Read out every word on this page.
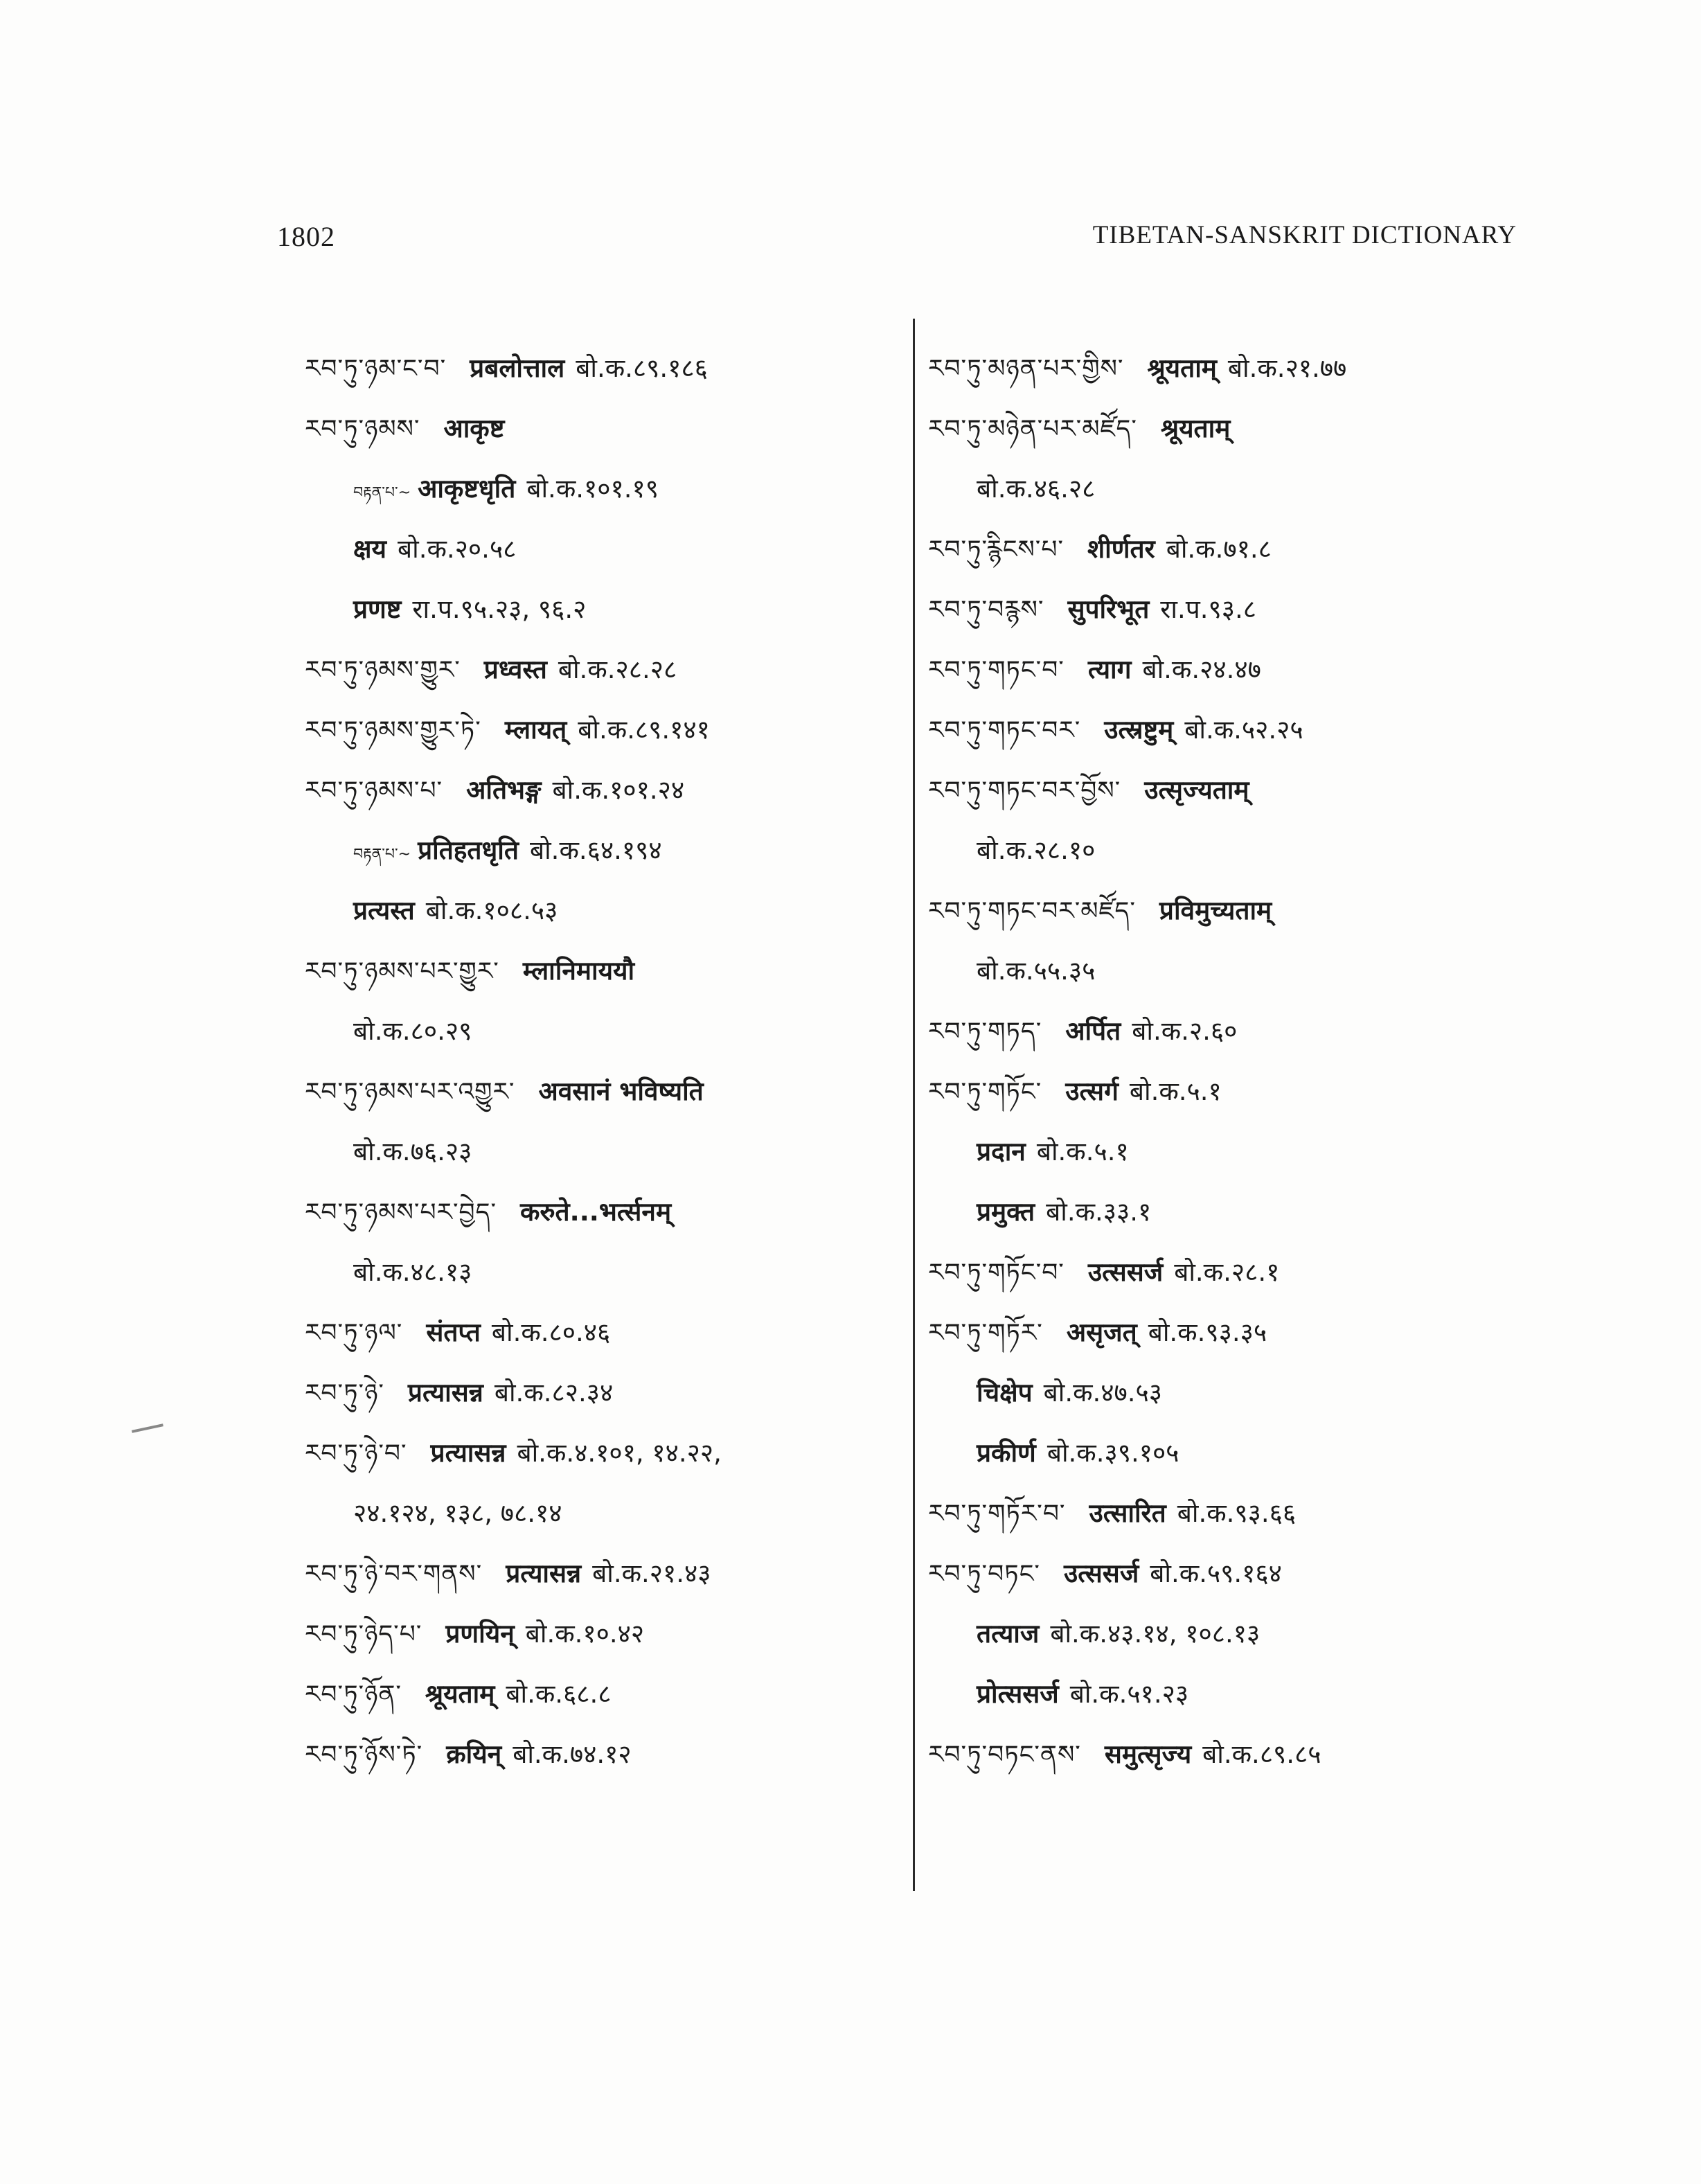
1802	TIBETAN-SANSKRIT DICTIONARY
རབ་ཏུ་ཉམ་ང་བ་ प्रबलोत्ताल बो.क.८९.१८६
རབ་ཏུ་ཉམས་ आकृष्ट
བརྟན་པ་~ आकृष्टधृति बो.क.१०१.१९
क्षय बो.क.२०.५८
प्रणष्ट रा.प.९५.२३, ९६.२
རབ་ཏུ་ཉམས་གྱུར་ प्रध्वस्त बो.क.२८.२८
རབ་ཏུ་ཉམས་གྱུར་ཏེ་ म्लायत् बो.क.८९.१४१
རབ་ཏུ་ཉམས་པ་ अतिभङ्ग बो.क.१०१.२४
བརྟན་པ་~ प्रतिहतधृति बो.क.६४.१९४
प्रत्यस्त बो.क.१०८.५३
རབ་ཏུ་ཉམས་པར་གྱུར་ म्लानिमाययौ
बो.क.८०.२९
རབ་ཏུ་ཉམས་པར་འགྱུར་ अवसानं भविष्यति
बो.क.७६.२३
རབ་ཏུ་ཉམས་པར་བྱེད་ करुते...भर्त्सनम्
बो.क.४८.१३
རབ་ཏུ་ཉལ་ संतप्त बो.क.८०.४६
རབ་ཏུ་ཉེ་ प्रत्यासन्न बो.क.८२.३४
རབ་ཏུ་ཉེ་བ་ प्रत्यासन्न बो.क.४.१०१, १४.२२,
२४.१२४, १३८, ७८.१४
རབ་ཏུ་ཉེ་བར་གནས་ प्रत्यासन्न बो.क.२१.४३
རབ་ཏུ་ཉེད་པ་ प्रणयिन् बो.क.१०.४२
རབ་ཏུ་ཉོན་ श्रूयताम् बो.क.६८.८
རབ་ཏུ་ཉོས་ཏེ་ क्रयिन् बो.क.७४.१२
རབ་ཏུ་མཉན་པར་གྱིས་ श्रूयताम् बो.क.२१.७७
རབ་ཏུ་མཉེན་པར་མཛོད་ श्रूयताम्
बो.क.४६.२८
རབ་ཏུ་རྙིངས་པ་ शीर्णतर बो.क.७१.८
རབ་ཏུ་བརྙས་ सुपरिभूत रा.प.९३.८
རབ་ཏུ་གཏང་བ་ त्याग बो.क.२४.४७
རབ་ཏུ་གཏང་བར་ उत्स्रष्टुम् बो.क.५२.२५
རབ་ཏུ་གཏང་བར་བྱོས་ उत्सृज्यताम्
बो.क.२८.१०
རབ་ཏུ་གཏང་བར་མཛོད་ प्रविमुच्यताम्
बो.क.५५.३५
རབ་ཏུ་གཏད་ अर्पित बो.क.२.६०
རབ་ཏུ་གཏོང་ उत्सर्ग बो.क.५.१
प्रदान बो.क.५.१
प्रमुक्त बो.क.३३.१
རབ་ཏུ་གཏོང་བ་ उत्ससर्ज बो.क.२८.१
རབ་ཏུ་གཏོར་ असृजत् बो.क.९३.३५
चिक्षेप बो.क.४७.५३
प्रकीर्ण बो.क.३९.१०५
རབ་ཏུ་གཏོར་བ་ उत्सारित बो.क.९३.६६
རབ་ཏུ་བཏང་ उत्ससर्ज बो.क.५९.१६४
तत्याज बो.क.४३.१४, १०८.१३
प्रोत्ससर्ज बो.क.५१.२३
རབ་ཏུ་བཏང་ནས་ समुत्सृज्य बो.क.८९.८५
